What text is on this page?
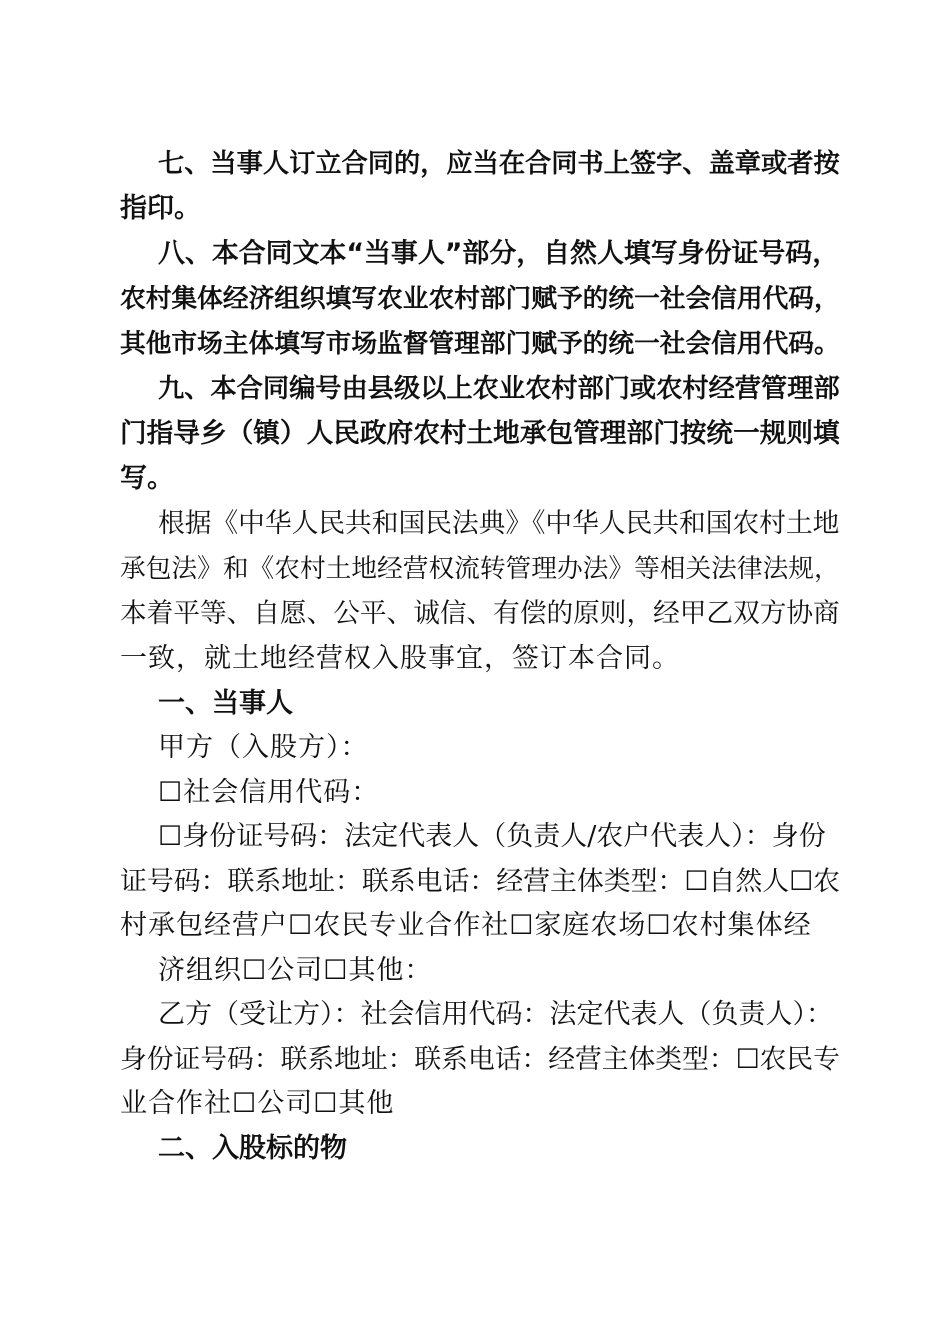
七、当事人订立合同的，应当在合同书上签字、盖章或者按
指印。
八、本合同文本“当事人”部分，自然人填写身份证号码，
农村集体经济组织填写农业农村部门赋予的统一社会信用代码，
其他市场主体填写市场监督管理部门赋予的统一社会信用代码。
九、本合同编号由县级以上农业农村部门或农村经营管理部
门指导乡（镇）人民政府农村土地承包管理部门按统一规则填
写。
根据《中华人民共和国民法典》《中华人民共和国农村土地
承包法》和《农村土地经营权流转管理办法》等相关法律法规，
本着平等、自愿、公平、诚信、有偿的原则，经甲乙双方协商
一致，就土地经营权入股事宜，签订本合同。
一、当事人
甲方（入股方）：
☐社会信用代码：
☐身份证号码：法定代表人（负责人/农户代表人）：身份
证号码：联系地址：联系电话：经营主体类型：☐自然人☐农
村承包经营户☐农民专业合作社☐家庭农场☐农村集体经
济组织☐公司☐其他：
乙方（受让方）：社会信用代码：法定代表人（负责人）：
身份证号码：联系地址：联系电话：经营主体类型：☐农民专
业合作社☐公司☐其他
二、入股标的物
